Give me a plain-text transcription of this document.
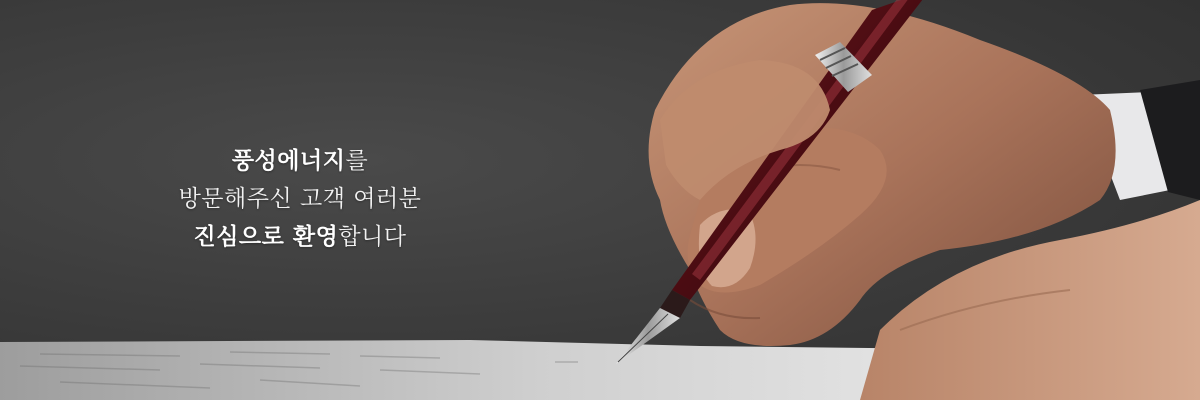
풍성에너지를
방문해주신 고객 여러분
진심으로 환영합니다
